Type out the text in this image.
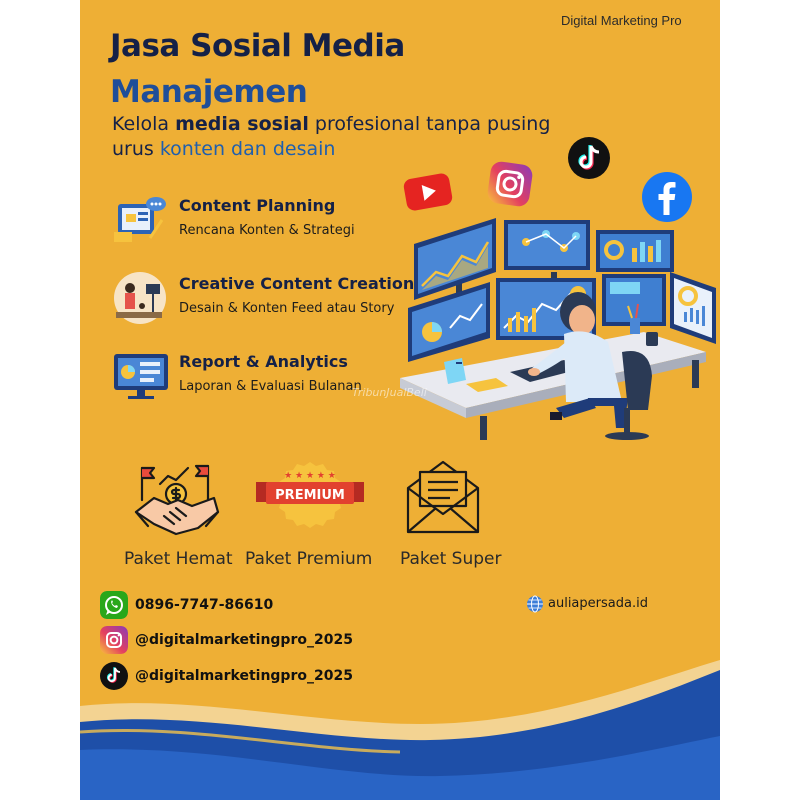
Digital Marketing Pro
Jasa Sosial Media
Manajemen
Kelola media sosial profesional tanpa pusing urus konten dan desain
Content Planning
Rencana Konten & Strategi
Creative Content Creation
Desain & Konten Feed atau Story
Report & Analytics
Laporan & Evaluasi Bulanan
TribunJualBeli
★ ★ ★ ★ ★
PREMIUM
Paket Hemat Paket Premium Paket Super
0896-7747-86610
@digitalmarketingpro_2025
@digitalmarketingpro_2025
auliapersada.id
